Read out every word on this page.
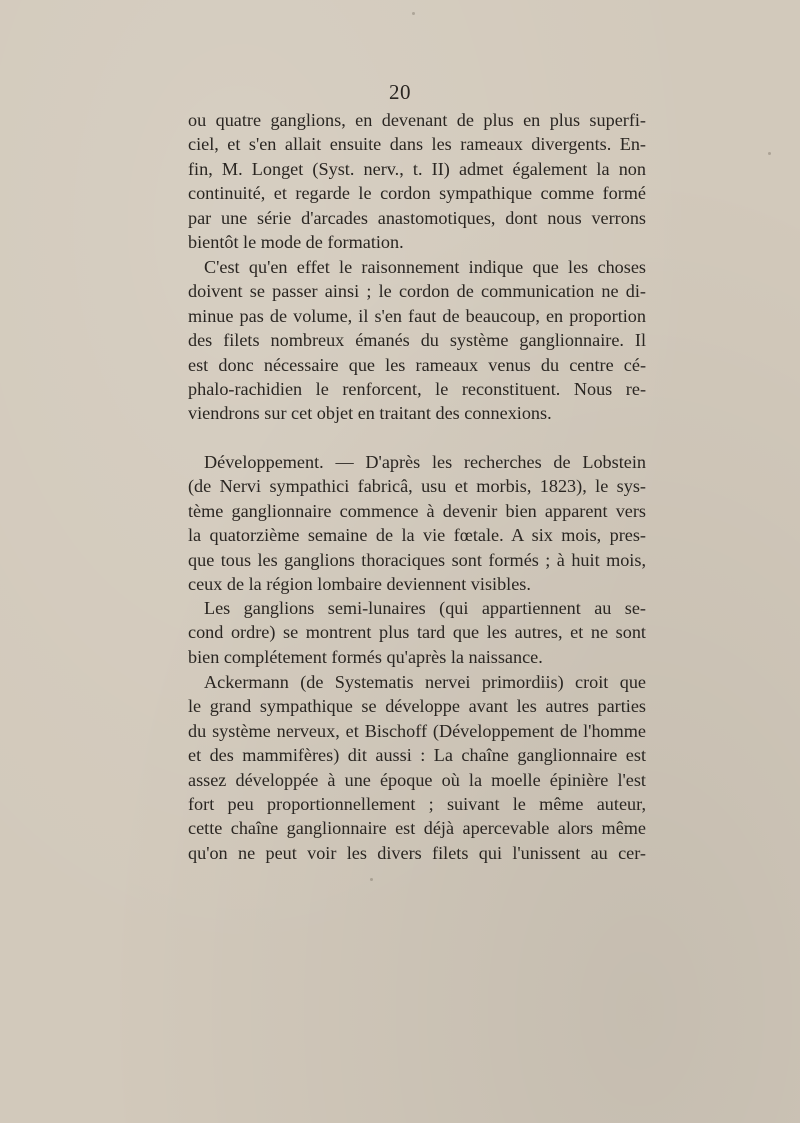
20
ou quatre ganglions, en devenant de plus en plus superfi-
ciel, et s'en allait ensuite dans les rameaux divergents. En-
fin, M. Longet (Syst. nerv., t. II) admet également la non
continuité, et regarde le cordon sympathique comme formé
par une série d'arcades anastomotiques, dont nous verrons
bientôt le mode de formation.
C'est qu'en effet le raisonnement indique que les choses
doivent se passer ainsi ; le cordon de communication ne di-
minue pas de volume, il s'en faut de beaucoup, en proportion
des filets nombreux émanés du système ganglionnaire. Il
est donc nécessaire que les rameaux venus du centre cé-
phalo-rachidien le renforcent, le reconstituent. Nous re-
viendrons sur cet objet en traitant des connexions.
Développement. — D'après les recherches de Lobstein
(de Nervi sympathici fabricâ, usu et morbis, 1823), le sys-
tème ganglionnaire commence à devenir bien apparent vers
la quatorzième semaine de la vie fœtale. A six mois, pres-
que tous les ganglions thoraciques sont formés ; à huit mois,
ceux de la région lombaire deviennent visibles.
Les ganglions semi-lunaires (qui appartiennent au se-
cond ordre) se montrent plus tard que les autres, et ne sont
bien complétement formés qu'après la naissance.
Ackermann (de Systematis nervei primordiis) croit que
le grand sympathique se développe avant les autres parties
du système nerveux, et Bischoff (Développement de l'homme
et des mammifères) dit aussi : La chaîne ganglionnaire est
assez développée à une époque où la moelle épinière l'est
fort peu proportionnellement ; suivant le même auteur,
cette chaîne ganglionnaire est déjà apercevable alors même
qu'on ne peut voir les divers filets qui l'unissent au cer-
